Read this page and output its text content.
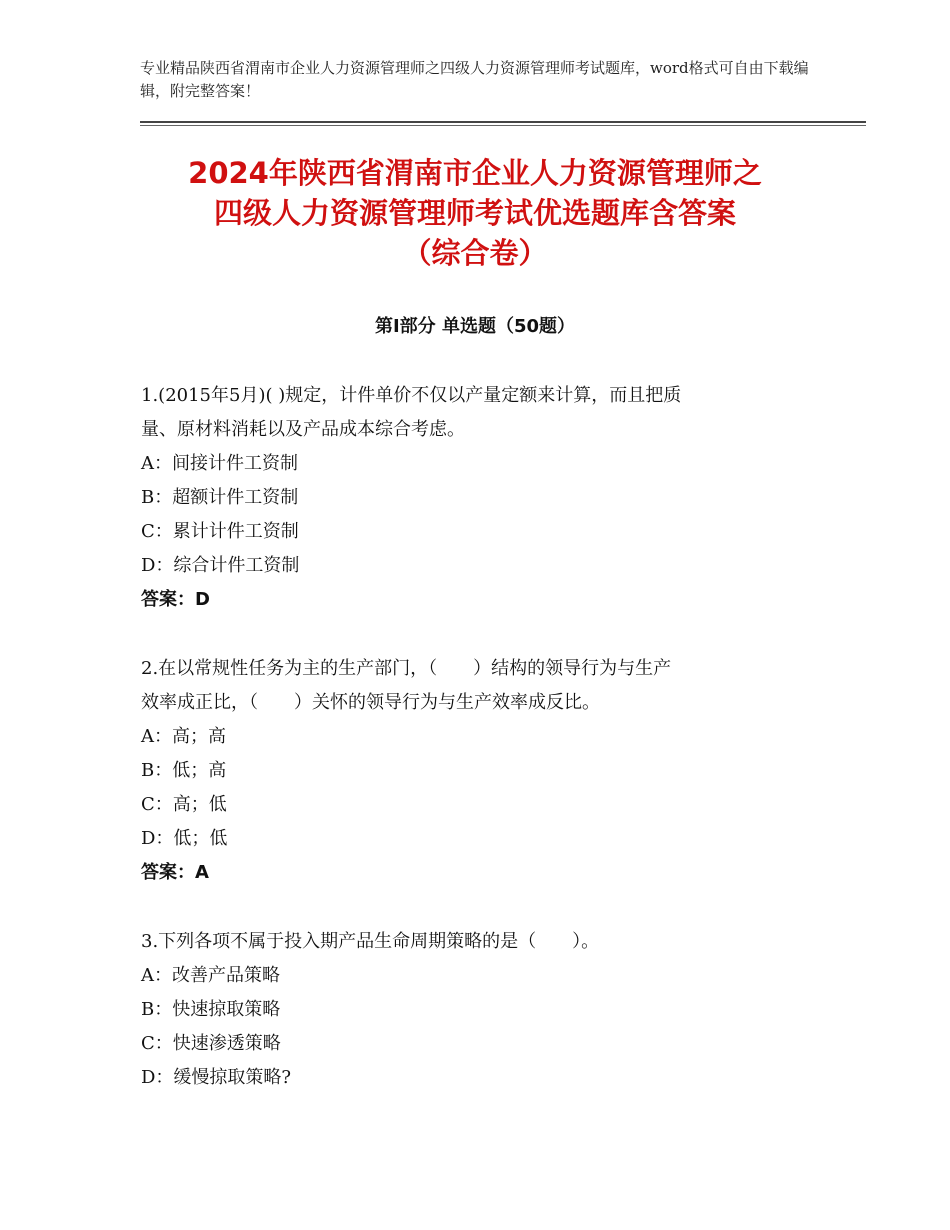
专业精品陕西省渭南市企业人力资源管理师之四级人力资源管理师考试题库，word格式可自由下载编辑，附完整答案！
2024年陕西省渭南市企业人力资源管理师之
四级人力资源管理师考试优选题库含答案
（综合卷）
第Ⅰ部分 单选题（50题）
1.(2015年5月)( )规定，计件单价不仅以产量定额来计算，而且把质
量、原材料消耗以及产品成本综合考虑。
A：间接计件工资制
B：超额计件工资制
C：累计计件工资制
D：综合计件工资制
答案：D
2.在以常规性任务为主的生产部门，（　　）结构的领导行为与生产
效率成正比，（　　）关怀的领导行为与生产效率成反比。
A：高；高
B：低；高
C：高；低
D：低；低
答案：A
3.下列各项不属于投入期产品生命周期策略的是（　　）。
A：改善产品策略
B：快速掠取策略
C：快速渗透策略
D：缓慢掠取策略?
